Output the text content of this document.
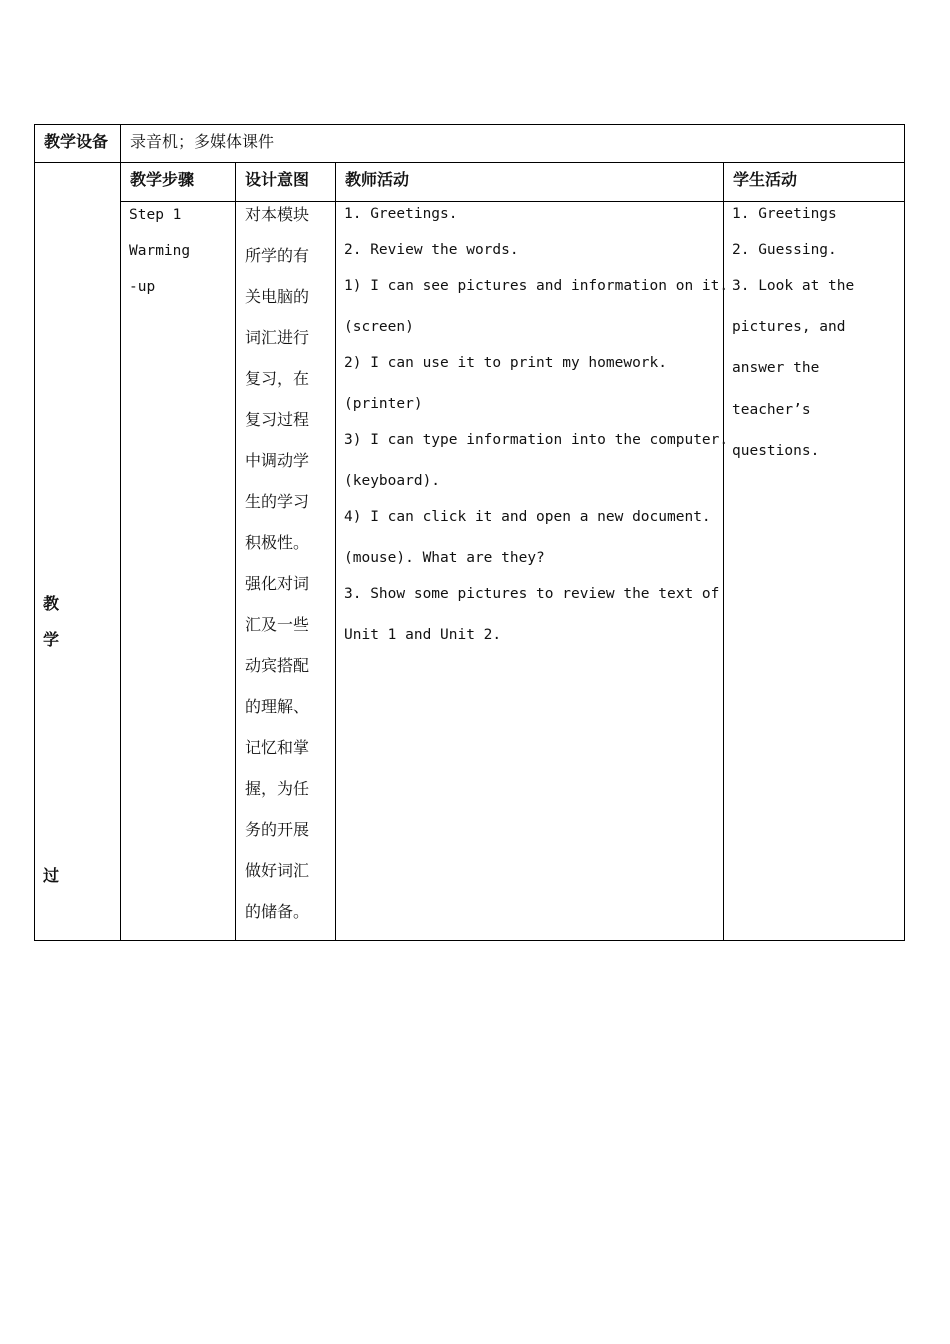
教学设备 录音机；多媒体课件
教
学
过
教学步骤	设计意图 教师活动	学生活动
Step 1
Warming
-up
对本模块
所学的有
关电脑的
词汇进行
复习，在
复习过程
中调动学
生的学习
积极性。
强化对词
汇及一些
动宾搭配
的理解、
记忆和掌
握，为任
务的开展
做好词汇
的储备。
1. Greetings.
2. Review the words.
1) I can see pictures and information on it.
(screen)
2) I can use it to print my homework.
(printer)
3) I can type information into the computer.
(keyboard).
4) I can click it and open a new document.
(mouse). What are they?
3. Show some pictures to review the text of
Unit 1 and Unit 2.
1. Greetings
2. Guessing.
3. Look at the
pictures, and
answer the
teacher’s
questions.
